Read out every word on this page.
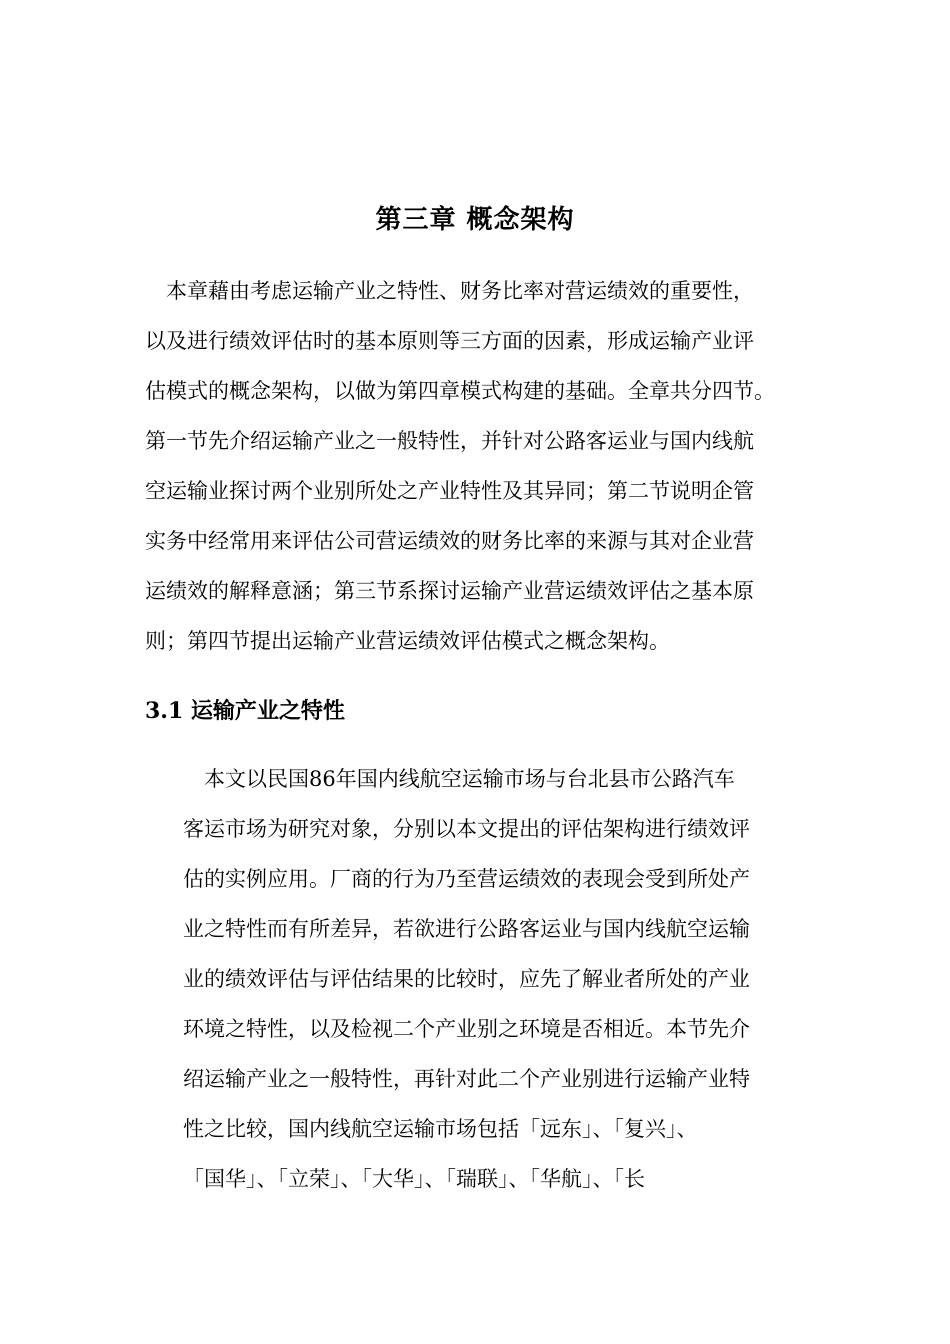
第三章 概念架构

　本章藉由考虑运输产业之特性、财务比率对营运绩效的重要性，

以及进行绩效评估时的基本原则等三方面的因素，形成运输产业评

估模式的概念架构，以做为第四章模式构建的基础。全章共分四节。

第一节先介绍运输产业之一般特性，并针对公路客运业与国内线航

空运输业探讨两个业别所处之产业特性及其异同；第二节说明企管

实务中经常用来评估公司营运绩效的财务比率的来源与其对企业营

运绩效的解释意涵；第三节系探讨运输产业营运绩效评估之基本原

则；第四节提出运输产业营运绩效评估模式之概念架构。

3.1 运输产业之特性

　本文以民国86年国内线航空运输市场与台北县市公路汽车

客运市场为研究对象，分别以本文提出的评估架构进行绩效评

估的实例应用。厂商的行为乃至营运绩效的表现会受到所处产

业之特性而有所差异，若欲进行公路客运业与国内线航空运输

业的绩效评估与评估结果的比较时，应先了解业者所处的产业

环境之特性，以及检视二个产业别之环境是否相近。本节先介

绍运输产业之一般特性，再针对此二个产业别进行运输产业特

性之比较，国内线航空运输市场包括「远东」、「复兴」、

「国华」、「立荣」、「大华」、「瑞联」、「华航」、「长
